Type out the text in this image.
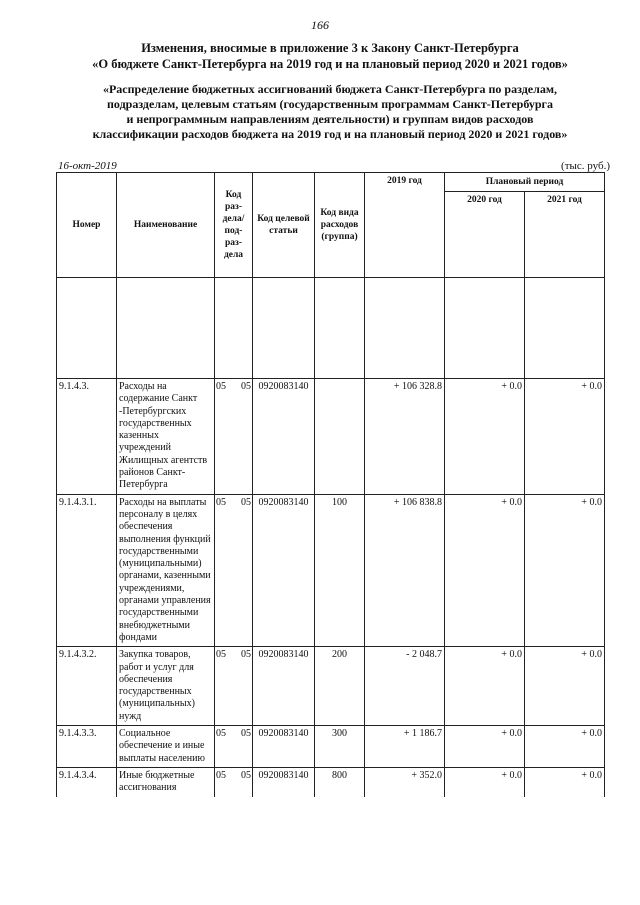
166
Изменения, вносимые в приложение 3 к Закону Санкт-Петербурга
«О бюджете Санкт-Петербурга на 2019 год и на плановый период 2020 и 2021 годов»
«Распределение бюджетных ассигнований бюджета Санкт-Петербурга по разделам,
подразделам, целевым статьям (государственным программам Санкт-Петербурга
и непрограммным направлениям деятельности) и группам видов расходов
классификации расходов бюджета на 2019 год и на плановый период 2020 и 2021 годов»
16-окт-2019	(тыс. руб.)
Номер	Наименование	Код раз- дела/ под- раз- дела	Код целевой статьи	Код вида расходов (группа)	2019 год	Плановый период	
						2020 год	2021 год

9.1.4.3.	Расходы на содержание Санкт -Петербургских государственных казенных учреждений Жилищных агентств районов Санкт-Петербурга	05 05	0920083140		+ 106 328.8	+ 0.0	+ 0.0
9.1.4.3.1.	Расходы на выплаты персоналу в целях обеспечения выполнения функций государственными (муниципальными) органами, казенными учреждениями, органами управления государственными внебюджетными фондами	05 05	0920083140	100	+ 106 838.8	+ 0.0	+ 0.0
9.1.4.3.2.	Закупка товаров, работ и услуг для обеспечения государственных (муниципальных) нужд	05 05	0920083140	200	- 2 048.7	+ 0.0	+ 0.0
9.1.4.3.3.	Социальное обеспечение и иные выплаты населению	05 05	0920083140	300	+ 1 186.7	+ 0.0	+ 0.0
9.1.4.3.4.	Иные бюджетные ассигнования	05 05	0920083140	800	+ 352.0	+ 0.0	+ 0.0
